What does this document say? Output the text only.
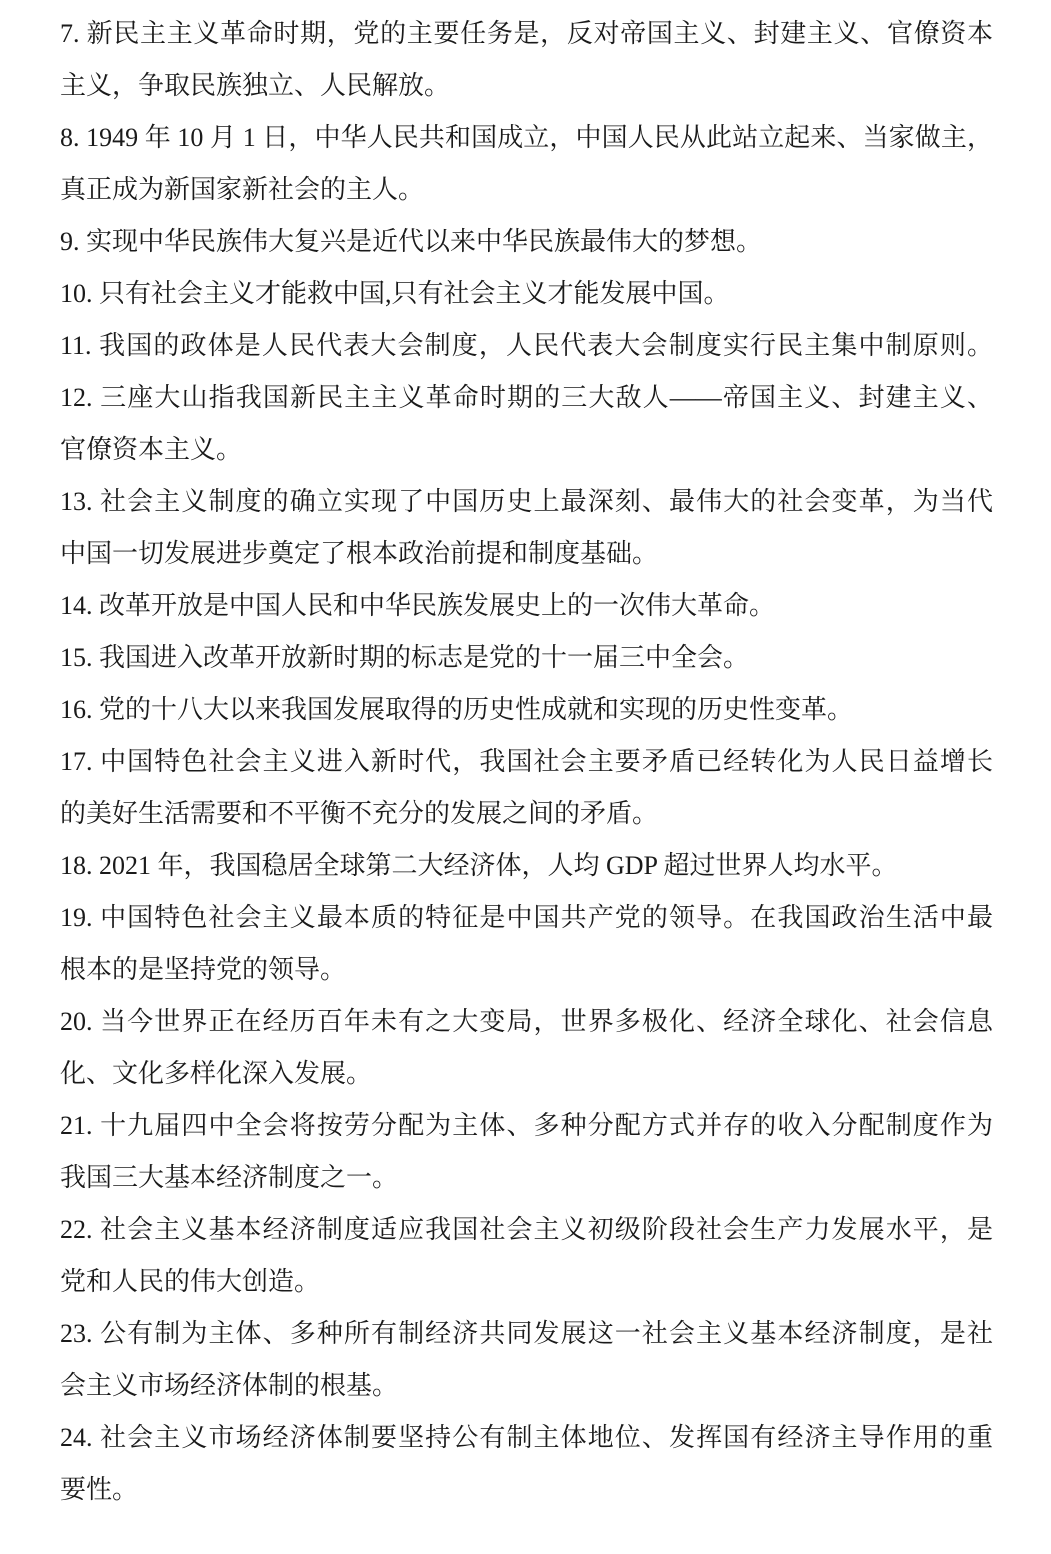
7. 新民主主义革命时期，党的主要任务是，反对帝国主义、封建主义、官僚资本
主义，争取民族独立、人民解放。
8. 1949 年 10 月 1 日，中华人民共和国成立，中国人民从此站立起来、当家做主，
真正成为新国家新社会的主人。
9. 实现中华民族伟大复兴是近代以来中华民族最伟大的梦想。
10. 只有社会主义才能救中国,只有社会主义才能发展中国。
11. 我国的政体是人民代表大会制度，人民代表大会制度实行民主集中制原则。
12. 三座大山指我国新民主主义革命时期的三大敌人——帝国主义、封建主义、
官僚资本主义。
13. 社会主义制度的确立实现了中国历史上最深刻、最伟大的社会变革，为当代
中国一切发展进步奠定了根本政治前提和制度基础。
14. 改革开放是中国人民和中华民族发展史上的一次伟大革命。
15. 我国进入改革开放新时期的标志是党的十一届三中全会。
16. 党的十八大以来我国发展取得的历史性成就和实现的历史性变革。
17. 中国特色社会主义进入新时代，我国社会主要矛盾已经转化为人民日益增长
的美好生活需要和不平衡不充分的发展之间的矛盾。
18. 2021 年，我国稳居全球第二大经济体，人均 GDP 超过世界人均水平。
19. 中国特色社会主义最本质的特征是中国共产党的领导。在我国政治生活中最
根本的是坚持党的领导。
20. 当今世界正在经历百年未有之大变局，世界多极化、经济全球化、社会信息
化、文化多样化深入发展。
21. 十九届四中全会将按劳分配为主体、多种分配方式并存的收入分配制度作为
我国三大基本经济制度之一。
22. 社会主义基本经济制度适应我国社会主义初级阶段社会生产力发展水平，是
党和人民的伟大创造。
23. 公有制为主体、多种所有制经济共同发展这一社会主义基本经济制度，是社
会主义市场经济体制的根基。
24. 社会主义市场经济体制要坚持公有制主体地位、发挥国有经济主导作用的重
要性。
